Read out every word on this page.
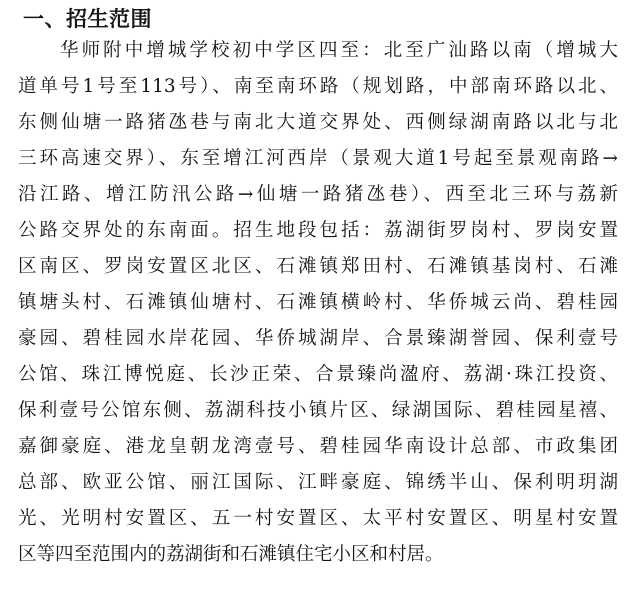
一、招生范围
华师附中增城学校初中学区四至：北至广汕路以南（增城大
道单号1号至113号）、南至南环路（规划路，中部南环路以北、
东侧仙塘一路猪氹巷与南北大道交界处、西侧绿湖南路以北与北
三环高速交界）、东至增江河西岸（景观大道1号起至景观南路→
沿江路、增江防汛公路→仙塘一路猪氹巷）、西至北三环与荔新
公路交界处的东南面。招生地段包括：荔湖街罗岗村、罗岗安置
区南区、罗岗安置区北区、石滩镇郑田村、石滩镇基岗村、石滩
镇塘头村、石滩镇仙塘村、石滩镇横岭村、华侨城云尚、碧桂园
豪园、碧桂园水岸花园、华侨城湖岸、合景臻湖誉园、保利壹号
公馆、珠江博悦庭、长沙正荣、合景臻尚溋府、荔湖·珠江投资、
保利壹号公馆东侧、荔湖科技小镇片区、绿湖国际、碧桂园星禧、
嘉御豪庭、港龙皇朝龙湾壹号、碧桂园华南设计总部、市政集团
总部、欧亚公馆、丽江国际、江畔豪庭、锦绣半山、保利明玥湖
光、光明村安置区、五一村安置区、太平村安置区、明星村安置
区等四至范围内的荔湖街和石滩镇住宅小区和村居。
